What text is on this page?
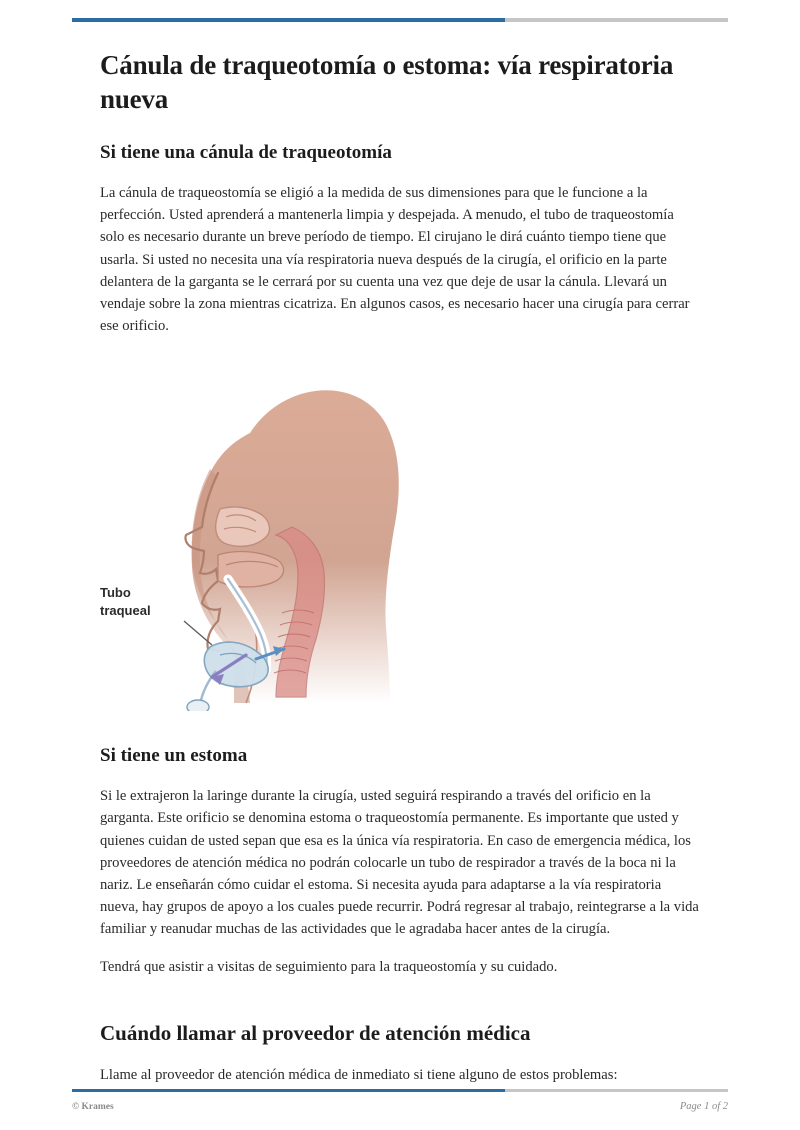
Cánula de traqueotomía o estoma: vía respiratoria nueva
Si tiene una cánula de traqueotomía

La cánula de traqueostomía se eligió a la medida de sus dimensiones para que le funcione a la perfección. Usted aprenderá a mantenerla limpia y despejada. A menudo, el tubo de traqueostomía solo es necesario durante un breve período de tiempo. El cirujano le dirá cuánto tiempo tiene que usarla. Si usted no necesita una vía respiratoria nueva después de la cirugía, el orificio en la parte delantera de la garganta se le cerrará por su cuenta una vez que deje de usar la cánula. Llevará un vendaje sobre la zona mientras cicatriza. En algunos casos, es necesario hacer una cirugía para cerrar ese orificio.

Tubo
traqueal
Si tiene un estoma

Si le extrajeron la laringe durante la cirugía, usted seguirá respirando a través del orificio en la garganta. Este orificio se denomina estoma o traqueostomía permanente. Es importante que usted y quienes cuidan de usted sepan que esa es la única vía respiratoria. En caso de emergencia médica, los proveedores de atención médica no podrán colocarle un tubo de respirador a través de la boca ni la nariz. Le enseñarán cómo cuidar el estoma. Si necesita ayuda para adaptarse a la vía respiratoria nueva, hay grupos de apoyo a los cuales puede recurrir. Podrá regresar al trabajo, reintegrarse a la vida familiar y reanudar muchas de las actividades que le agradaba hacer antes de la cirugía.

Tendrá que asistir a visitas de seguimiento para la traqueostomía y su cuidado.

Cuándo llamar al proveedor de atención médica

Llame al proveedor de atención médica de inmediato si tiene alguno de estos problemas:

© Krames	Page 1 of 2
